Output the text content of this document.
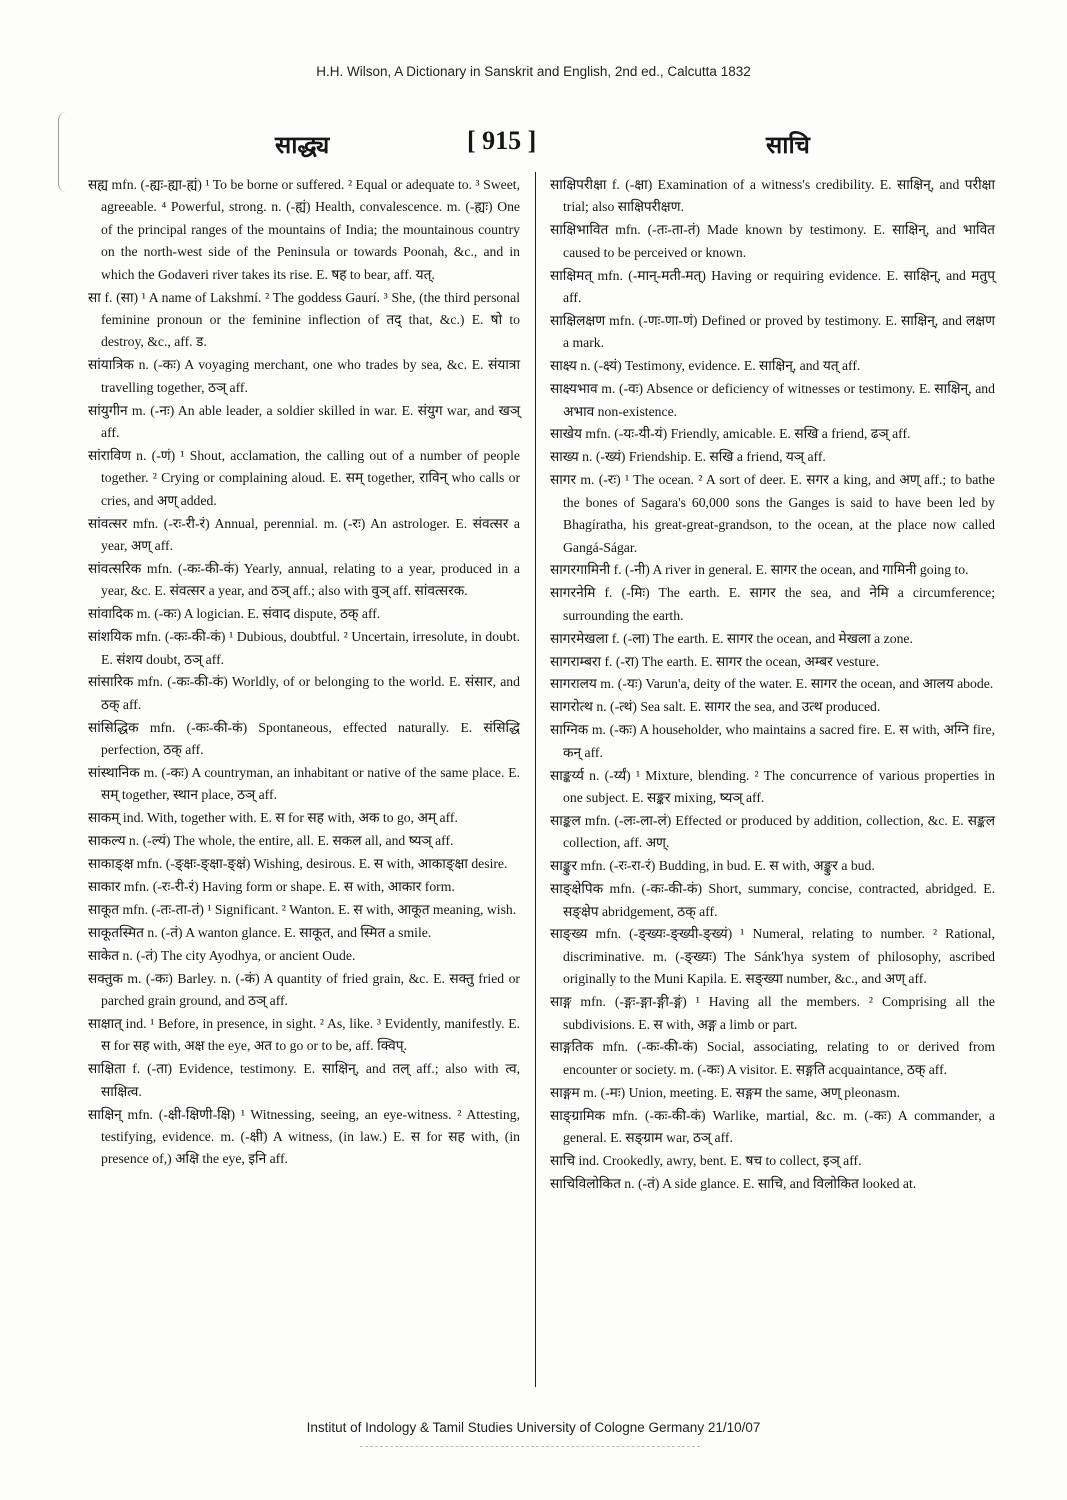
H.H. Wilson, A Dictionary in Sanskrit and English, 2nd ed., Calcutta 1832
साद्ध्य	[ 915 ]	साचि

सह्य mfn. (-ह्यः-ह्या-ह्यं) ¹ To be borne or suffered. ² Equal or adequate to. ³ Sweet, agreeable. ⁴ Powerful, strong. n. (-ह्यं) Health, convalescence. m. (-ह्यः) One of the principal ranges of the mountains of India; the mountainous country on the north-west side of the Peninsula or towards Poonah, &c., and in which the Godaveri river takes its rise. E. षह to bear, aff. यत्.

सा f. (सा) ¹ A name of Lakshmí. ² The goddess Gaurí. ³ She, (the third personal feminine pronoun or the feminine inflection of तद् that, &c.) E. षो to destroy, &c., aff. ड.

सांयात्रिक n. (-कः) A voyaging merchant, one who trades by sea, &c. E. संयात्रा travelling together, ठञ् aff.

सांयुगीन m. (-नः) An able leader, a soldier skilled in war. E. संयुग war, and खञ् aff.

सांराविण n. (-णं) ¹ Shout, acclamation, the calling out of a number of people together. ² Crying or complaining aloud. E. सम् together, राविन् who calls or cries, and अण् added.

सांवत्सर mfn. (-रः-री-रं) Annual, perennial. m. (-रः) An astrologer. E. संवत्सर a year, अण् aff.

सांवत्सरिक mfn. (-कः-की-कं) Yearly, annual, relating to a year, produced in a year, &c. E. संवत्सर a year, and ठञ् aff.; also with वुञ् aff. सांवत्सरक.

सांवादिक m. (-कः) A logician. E. संवाद dispute, ठक् aff.

सांशयिक mfn. (-कः-की-कं) ¹ Dubious, doubtful. ² Uncertain, irresolute, in doubt. E. संशय doubt, ठञ् aff.

सांसारिक mfn. (-कः-की-कं) Worldly, of or belonging to the world. E. संसार, and ठक् aff.

सांसिद्धिक mfn. (-कः-की-कं) Spontaneous, effected naturally. E. संसिद्धि perfection, ठक् aff.

सांस्थानिक m. (-कः) A countryman, an inhabitant or native of the same place. E. सम् together, स्थान place, ठञ् aff.

साकम् ind. With, together with. E. स for सह with, अक to go, अम् aff.

साकल्य n. (-ल्यं) The whole, the entire, all. E. सकल all, and ष्यञ् aff.

साकाङ्क्ष mfn. (-ङ्क्षः-ङ्क्षा-ङ्क्षं) Wishing, desirous. E. स with, आकाङ्क्षा desire.

साकार mfn. (-रः-री-रं) Having form or shape. E. स with, आकार form.

साकूत mfn. (-तः-ता-तं) ¹ Significant. ² Wanton. E. स with, आकूत meaning, wish.

साकूतस्मित n. (-तं) A wanton glance. E. साकूत, and स्मित a smile.

साकेत n. (-तं) The city Ayodhya, or ancient Oude.

सक्तुक m. (-कः) Barley. n. (-कं) A quantity of fried grain, &c. E. सक्तु fried or parched grain ground, and ठञ् aff.

साक्षात् ind. ¹ Before, in presence, in sight. ² As, like. ³ Evidently, manifestly. E. स for सह with, अक्ष the eye, अत to go or to be, aff. क्विप्.

साक्षिता f. (-ता) Evidence, testimony. E. साक्षिन्, and तल् aff.; also with त्व, साक्षित्व.

साक्षिन् mfn. (-क्षी-क्षिणी-क्षि) ¹ Witnessing, seeing, an eye-witness. ² Attesting, testifying, evidence. m. (-क्षी) A witness, (in law.) E. स for सह with, (in presence of,) अक्षि the eye, इनि aff.

साक्षिपरीक्षा f. (-क्षा) Examination of a witness's credibility. E. साक्षिन्, and परीक्षा trial; also साक्षिपरीक्षण.

साक्षिभावित mfn. (-तः-ता-तं) Made known by testimony. E. साक्षिन्, and भावित caused to be perceived or known.

साक्षिमत् mfn. (-मान्-मती-मत्) Having or requiring evidence. E. साक्षिन्, and मतुप् aff.

साक्षिलक्षण mfn. (-णः-णा-णं) Defined or proved by testimony. E. साक्षिन्, and लक्षण a mark.

साक्ष्य n. (-क्ष्यं) Testimony, evidence. E. साक्षिन्, and यत् aff.

साक्ष्यभाव m. (-वः) Absence or deficiency of witnesses or testimony. E. साक्षिन्, and अभाव non-existence.

साखेय mfn. (-यः-यी-यं) Friendly, amicable. E. सखि a friend, ढञ् aff.

साख्य n. (-ख्यं) Friendship. E. सखि a friend, यञ् aff.

सागर m. (-रः) ¹ The ocean. ² A sort of deer. E. सगर a king, and अण् aff.; to bathe the bones of Sagara's 60,000 sons the Ganges is said to have been led by Bhagíratha, his great-great-grandson, to the ocean, at the place now called Gangá-Ságar.

सागरगामिनी f. (-नी) A river in general. E. सागर the ocean, and गामिनी going to.

सागरनेमि f. (-मिः) The earth. E. सागर the sea, and नेमि a circumference; surrounding the earth.

सागरमेखला f. (-ला) The earth. E. सागर the ocean, and मेखला a zone.

सागराम्बरा f. (-रा) The earth. E. सागर the ocean, अम्बर vesture.

सागरालय m. (-यः) Varun'a, deity of the water. E. सागर the ocean, and आलय abode.

सागरोत्थ n. (-त्थं) Sea salt. E. सागर the sea, and उत्थ produced.

साग्निक m. (-कः) A householder, who maintains a sacred fire. E. स with, अग्नि fire, कन् aff.

साङ्कर्य्य n. (-र्य्यं) ¹ Mixture, blending. ² The concurrence of various properties in one subject. E. सङ्कर mixing, ष्यञ् aff.

साङ्कल mfn. (-लः-ला-लं) Effected or produced by addition, collection, &c. E. सङ्कल collection, aff. अण्.

साङ्कुर mfn. (-रः-रा-रं) Budding, in bud. E. स with, अङ्कुर a bud.

साङ्क्षेपिक mfn. (-कः-की-कं) Short, summary, concise, contracted, abridged. E. सङ्क्षेप abridgement, ठक् aff.

साङ्ख्य mfn. (-ङ्ख्यः-ङ्ख्यी-ङ्ख्यं) ¹ Numeral, relating to number. ² Rational, discriminative. m. (-ङ्ख्यः) The Sánk'hya system of philosophy, ascribed originally to the Muni Kapila. E. सङ्ख्या number, &c., and अण् aff.

साङ्ग mfn. (-ङ्गः-ङ्गा-ङ्गी-ङ्गं) ¹ Having all the members. ² Comprising all the subdivisions. E. स with, अङ्ग a limb or part.

साङ्गतिक mfn. (-कः-की-कं) Social, associating, relating to or derived from encounter or society. m. (-कः) A visitor. E. सङ्गति acquaintance, ठक् aff.

साङ्गम m. (-मः) Union, meeting. E. सङ्गम the same, अण् pleonasm.

साङ्ग्रामिक mfn. (-कः-की-कं) Warlike, martial, &c. m. (-कः) A commander, a general. E. सङ्ग्राम war, ठञ् aff.

साचि ind. Crookedly, awry, bent. E. षच to collect, इञ् aff.

साचिविलोकित n. (-तं) A side glance. E. साचि, and विलोकित looked at.

Institut of Indology & Tamil Studies University of Cologne Germany 21/10/07
